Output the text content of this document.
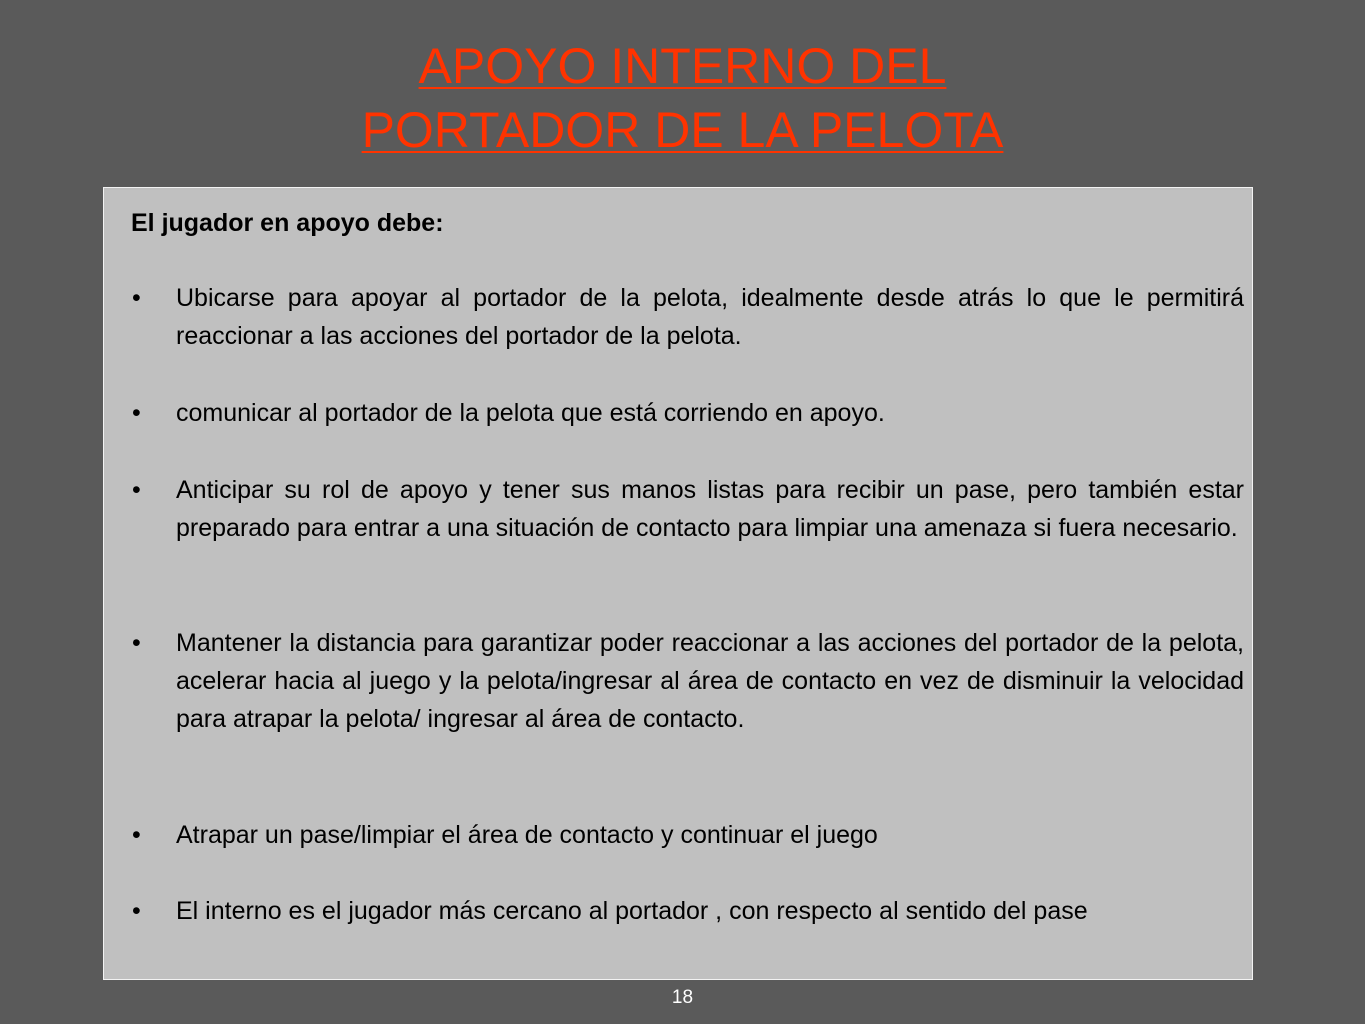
APOYO INTERNO DEL
PORTADOR DE LA PELOTA
El jugador en apoyo debe:
• Ubicarse para apoyar al portador de la pelota, idealmente desde atrás lo que le permitirá reaccionar a las acciones del portador de la pelota.
• comunicar al portador de la pelota que está corriendo en apoyo.
• Anticipar su rol de apoyo y tener sus manos listas para recibir un pase, pero también estar preparado para entrar a una situación de contacto para limpiar una amenaza si fuera necesario.
• Mantener la distancia para garantizar poder reaccionar a las acciones del portador de la pelota, acelerar hacia al juego y la pelota/ingresar al área de contacto en vez de disminuir la velocidad para atrapar la pelota/ ingresar al área de contacto.
• Atrapar un pase/limpiar el área de contacto y continuar el juego
• El interno es el jugador más cercano al portador , con respecto al sentido del pase
18
